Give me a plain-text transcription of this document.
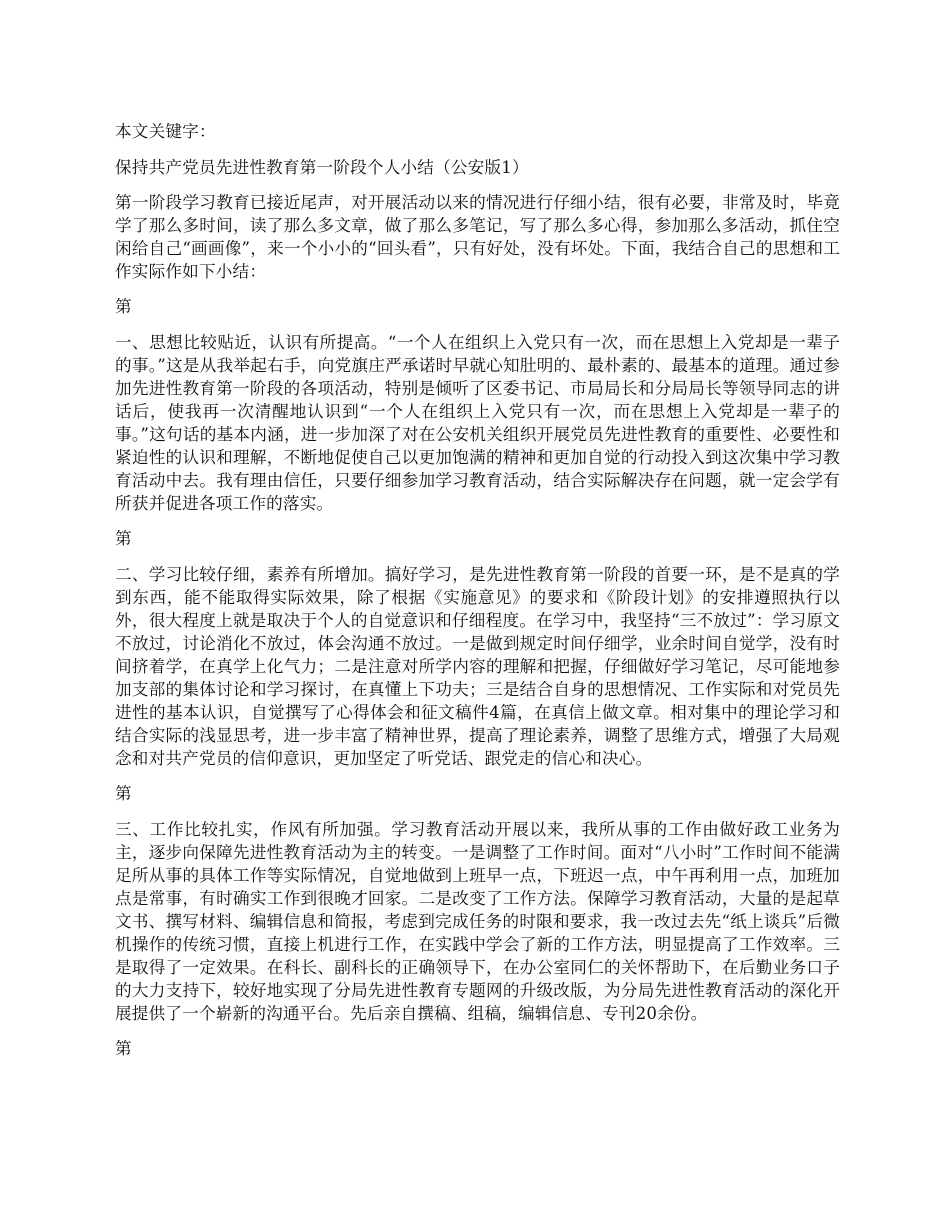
本文关键字：

保持共产党员先进性教育第一阶段个人小结（公安版1）

第一阶段学习教育已接近尾声，对开展活动以来的情况进行仔细小结，很有必要，非常及时，毕竟学了那么多时间，读了那么多文章，做了那么多笔记，写了那么多心得，参加那么多活动，抓住空闲给自己“画画像”，来一个小小的“回头看”，只有好处，没有坏处。下面，我结合自己的思想和工作实际作如下小结：

第

一、思想比较贴近，认识有所提高。“一个人在组织上入党只有一次，而在思想上入党却是一辈子的事。”这是从我举起右手，向党旗庄严承诺时早就心知肚明的、最朴素的、最基本的道理。通过参加先进性教育第一阶段的各项活动，特别是倾听了区委书记、市局局长和分局局长等领导同志的讲话后，使我再一次清醒地认识到“一个人在组织上入党只有一次，而在思想上入党却是一辈子的事。”这句话的基本内涵，进一步加深了对在公安机关组织开展党员先进性教育的重要性、必要性和紧迫性的认识和理解，不断地促使自己以更加饱满的精神和更加自觉的行动投入到这次集中学习教育活动中去。我有理由信任，只要仔细参加学习教育活动，结合实际解决存在问题，就一定会学有所获并促进各项工作的落实。

第

二、学习比较仔细，素养有所增加。搞好学习，是先进性教育第一阶段的首要一环，是不是真的学到东西，能不能取得实际效果，除了根据《实施意见》的要求和《阶段计划》的安排遵照执行以外，很大程度上就是取决于个人的自觉意识和仔细程度。在学习中，我坚持“三不放过”：学习原文不放过，讨论消化不放过，体会沟通不放过。一是做到规定时间仔细学，业余时间自觉学，没有时间挤着学，在真学上化气力；二是注意对所学内容的理解和把握，仔细做好学习笔记，尽可能地参加支部的集体讨论和学习探讨，在真懂上下功夫；三是结合自身的思想情况、工作实际和对党员先进性的基本认识，自觉撰写了心得体会和征文稿件4篇，在真信上做文章。相对集中的理论学习和结合实际的浅显思考，进一步丰富了精神世界，提高了理论素养，调整了思维方式，增强了大局观念和对共产党员的信仰意识，更加坚定了听党话、跟党走的信心和决心。

第

三、工作比较扎实，作风有所加强。学习教育活动开展以来，我所从事的工作由做好政工业务为主，逐步向保障先进性教育活动为主的转变。一是调整了工作时间。面对“八小时”工作时间不能满足所从事的具体工作等实际情况，自觉地做到上班早一点，下班迟一点，中午再利用一点，加班加点是常事，有时确实工作到很晚才回家。二是改变了工作方法。保障学习教育活动，大量的是起草文书、撰写材料、编辑信息和简报，考虑到完成任务的时限和要求，我一改过去先“纸上谈兵”后微机操作的传统习惯，直接上机进行工作，在实践中学会了新的工作方法，明显提高了工作效率。三是取得了一定效果。在科长、副科长的正确领导下，在办公室同仁的关怀帮助下，在后勤业务口子的大力支持下，较好地实现了分局先进性教育专题网的升级改版，为分局先进性教育活动的深化开展提供了一个崭新的沟通平台。先后亲自撰稿、组稿，编辑信息、专刊20余份。

第
